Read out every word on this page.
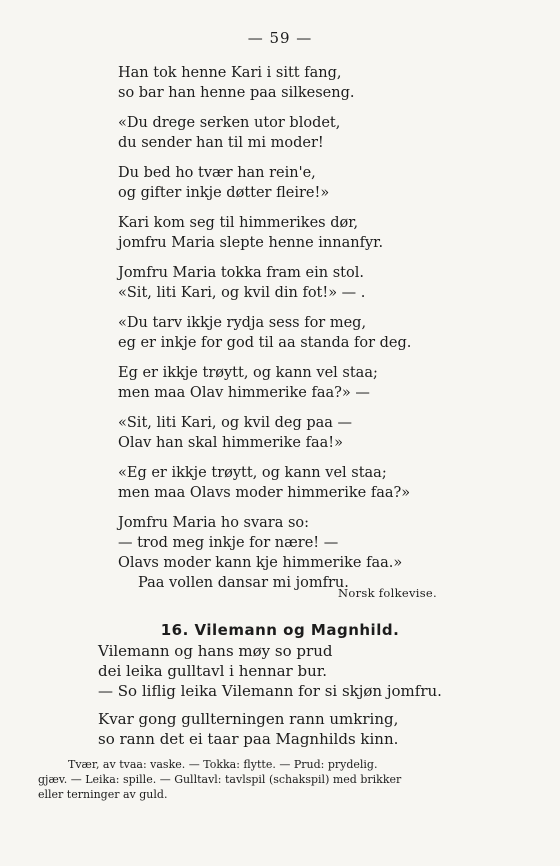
— 59 —
Han tok henne Kari i sitt fang,
so bar han henne paa silkeseng.
«Du drege serken utor blodet,
du sender han til mi moder!
Du bed ho tvær han rein'e,
og gifter inkje døtter fleire!»
Kari kom seg til himmerikes dør,
jomfru Maria slepte henne innanfyr.
Jomfru Maria tokka fram ein stol.
«Sit, liti Kari, og kvil din fot!» — .
«Du tarv ikkje rydja sess for meg,
eg er inkje for god til aa standa for deg.
Eg er ikkje trøytt, og kann vel staa;
men maa Olav himmerike faa?» —
«Sit, liti Kari, og kvil deg paa —
Olav han skal himmerike faa!»
«Eg er ikkje trøytt, og kann vel staa;
men maa Olavs moder himmerike faa?»
Jomfru Maria ho svara so:
— trod meg inkje for nære! —
Olavs moder kann kje himmerike faa.»
Paa vollen dansar mi jomfru.
Norsk folkevise.
16. Vilemann og Magnhild.
Vilemann og hans møy so prud
dei leika gulltavl i hennar bur.
— So liflig leika Vilemann for si skjøn jomfru.
Kvar gong gullterningen rann umkring,
so rann det ei taar paa Magnhilds kinn.
Tvær, av tvaa: vaske. — Tokka: flytte. — Prud: prydelig.
gjæv. — Leika: spille. — Gulltavl: tavlspil (schakspil) med brikker
eller terninger av guld.
